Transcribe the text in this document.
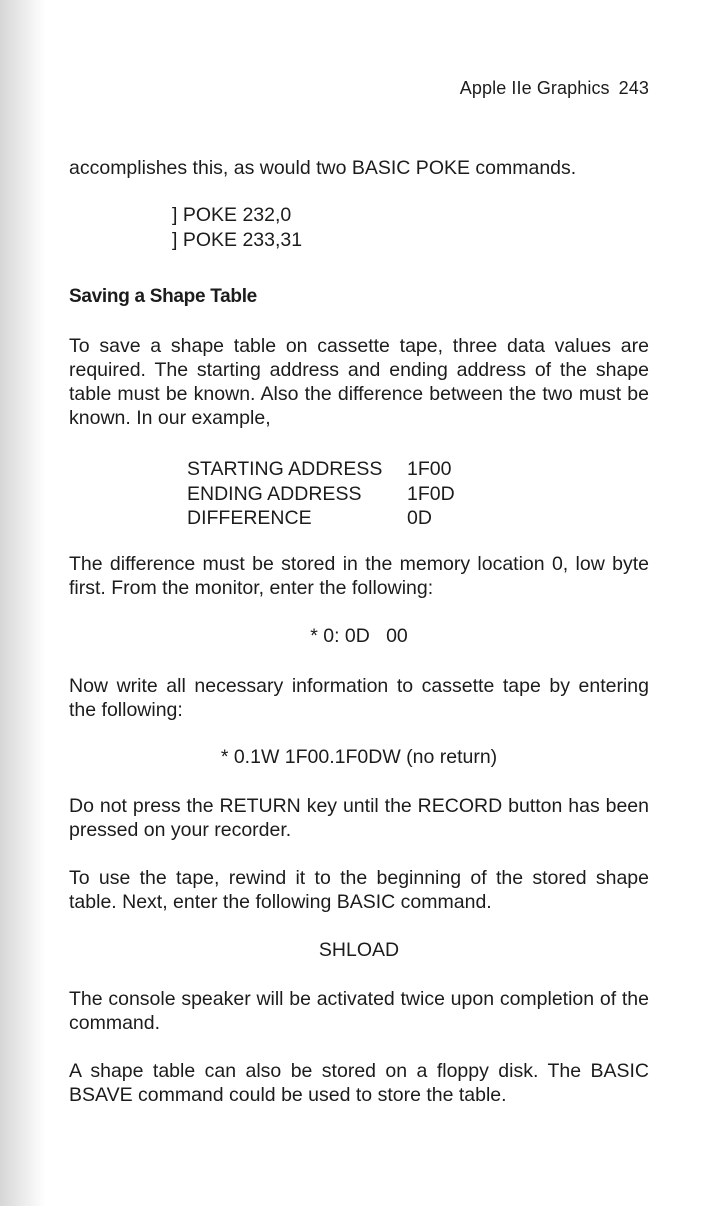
Apple IIe Graphics 243

accomplishes this, as would two BASIC POKE commands.

] POKE 232,0
] POKE 233,31
Saving a Shape Table

To save a shape table on cassette tape, three data values are required. The starting address and ending address of the shape table must be known. Also the difference between the two must be known. In our example,

STARTING ADDRESS	1F00
ENDING ADDRESS	1F0D
DIFFERENCE	0D

The difference must be stored in the memory location 0, low byte first. From the monitor, enter the following:

* 0: 0D   00

Now write all necessary information to cassette tape by entering the following:

* 0.1W 1F00.1F0DW (no return)

Do not press the RETURN key until the RECORD button has been pressed on your recorder.

To use the tape, rewind it to the beginning of the stored shape table. Next, enter the following BASIC command.

SHLOAD

The console speaker will be activated twice upon completion of the command.

A shape table can also be stored on a floppy disk. The BASIC BSAVE command could be used to store the table.
